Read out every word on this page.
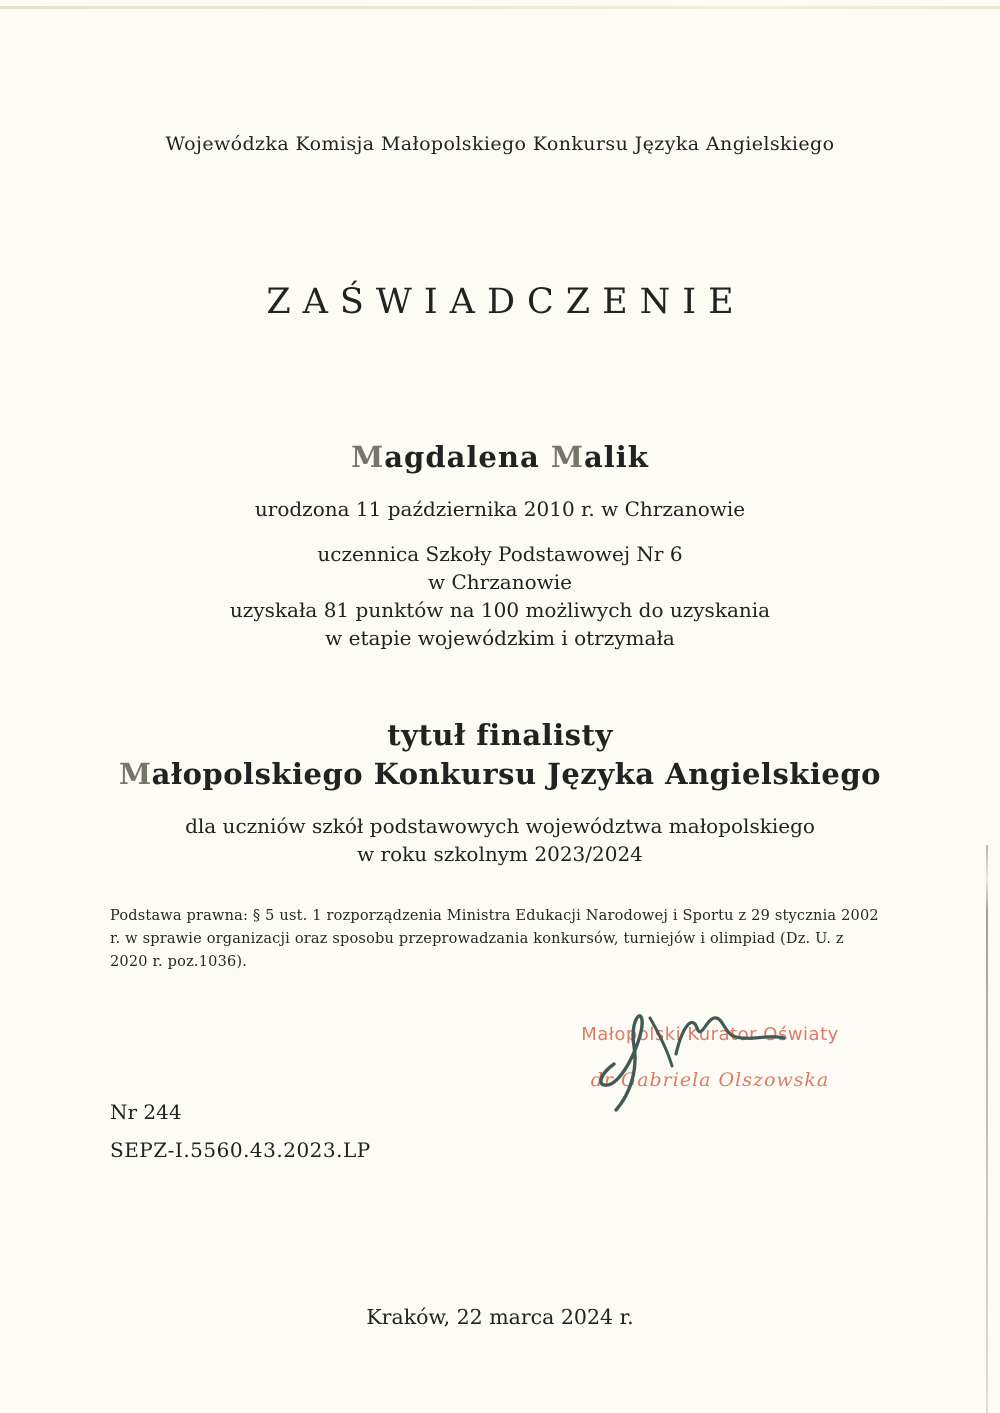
Wojewódzka Komisja Małopolskiego Konkursu Języka Angielskiego

ZAŚWIADCZENIE
Magdalena Malik

urodzona 11 października 2010 r. w Chrzanowie

uczennica Szkoły Podstawowej Nr 6

w Chrzanowie

uzyskała 81 punktów na 100 możliwych do uzyskania

w etapie wojewódzkim i otrzymała

tytuł finalisty
Małopolskiego Konkursu Języka Angielskiego

dla uczniów szkół podstawowych województwa małopolskiego

w roku szkolnym 2023/2024

Podstawa prawna: § 5 ust. 1 rozporządzenia Ministra Edukacji Narodowej i Sportu z 29 stycznia 2002 r. w sprawie organizacji oraz sposobu przeprowadzania konkursów, turniejów i olimpiad (Dz. U. z 2020 r. poz.1036).

Małopolski Kurator Oświaty
dr Gabriela Olszowska

Nr 244

SEPZ-I.5560.43.2023.LP

Kraków, 22 marca 2024 r.
